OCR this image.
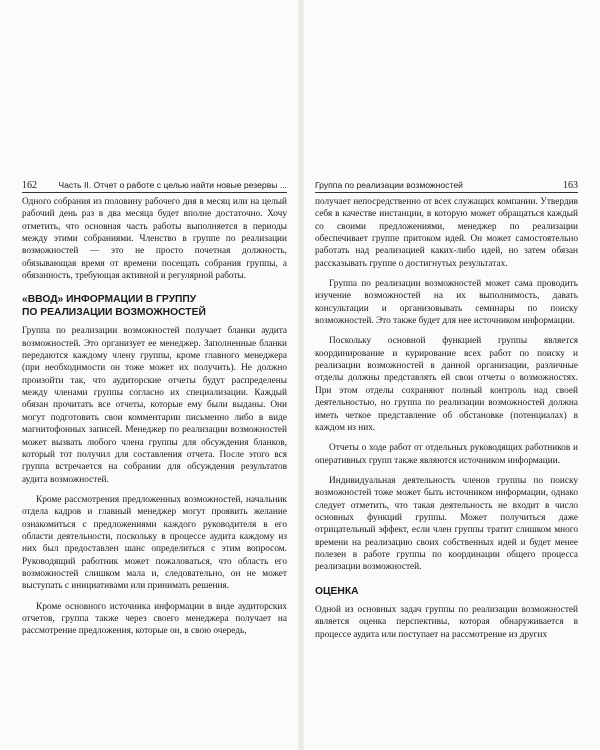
162 Часть II. Отчет о работе с целью найти новые резервы ...

Одного собрания из половину рабочего дня в месяц или на целый рабочий день раз в два месяца будет вполне достаточно. Хочу отметить, что основная часть работы выполняется в периоды между этими собраниями. Членство в группе по реализации возможностей — это не просто почетная должность, обязывающая время от времени посещать собрания группы, а обязанность, требующая активной и регулярной работы.

«ВВОД» ИНФОРМАЦИИ В ГРУППУ
ПО РЕАЛИЗАЦИИ ВОЗМОЖНОСТЕЙ

Группа по реализации возможностей получает бланки аудита возможностей. Это организует ее менеджер. Заполненные бланки передаются каждому члену группы, кроме главного менеджера (при необходимости он тоже может их получить). Не должно произойти так, что аудиторские отчеты будут распределены между членами группы согласно их специализации. Каждый обязан прочитать все отчеты, которые ему были выданы. Они могут подготовить свои комментарии письменно либо в виде магнитофонных записей. Менеджер по реализации возможностей может вызвать любого члена группы для обсуждения бланков, который тот получил для составления отчета. После этого вся группа встречается на собрании для обсуждения результатов аудита возможностей.

Кроме рассмотрения предложенных возможностей, начальник отдела кадров и главный менеджер могут проявить желание ознакомиться с предложениями каждого руководителя в его области деятельности, поскольку в процессе аудита каждому из них был предоставлен шанс определиться с этим вопросом. Руководящий работник может пожаловаться, что область его возможностей слишком мала и, следовательно, он не может выступать с инициативами или принимать решения.

Кроме основного источника информации в виде аудиторских отчетов, группа также через своего менеджера получает на рассмотрение предложения, которые он, в свою очередь,

Группа по реализации возможностей	163

получает непосредственно от всех служащих компании. Утвердив себя в качестве инстанции, в которую может обращаться каждый со своими предложениями, менеджер по реализации обеспечивает группе притоком идей. Он может самостоятельно работать над реализацией каких-либо идей, но затем обязан рассказывать группе о достигнутых результатах.

Группа по реализации возможностей может сама проводить изучение возможностей на их выполнимость, давать консультации и организовывать семинары по поиску возможностей. Это также будет для нее источником информации.

Поскольку основной функцией группы является координирование и курирование всех работ по поиску и реализации возможностей в данной организации, различные отделы должны представлять ей свои отчеты о возможностях. При этом отделы сохраняют полный контроль над своей деятельностью, но группа по реализации возможностей должна иметь четкое представление об обстановке (потенциалах) в каждом из них.

Отчеты о ходе работ от отдельных руководящих работников и оперативных групп также являются источником информации.

Индивидуальная деятельность членов группы по поиску возможностей тоже может быть источником информации, однако следует отметить, что такая деятельность не входит в число основных функций группы. Может получиться даже отрицательный эффект, если член группы тратит слишком много времени на реализацию своих собственных идей и будет менее полезен в работе группы по координации общего процесса реализации возможностей.

ОЦЕНКА

Одной из основных задач группы по реализации возможностей является оценка перспективы, которая обнаруживается в процессе аудита или поступает на рассмотрение из других
